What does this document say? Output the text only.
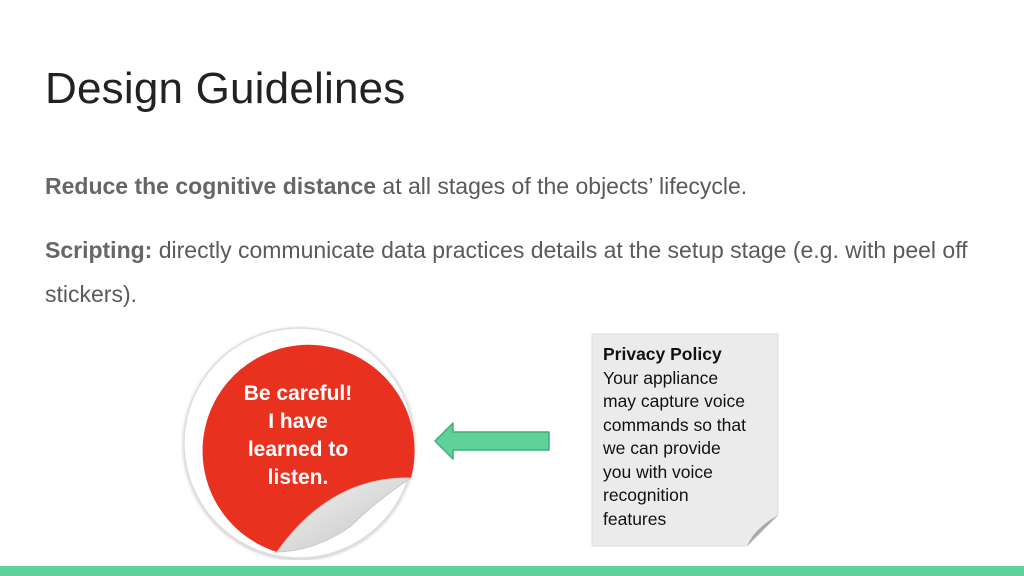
Design Guidelines

Reduce the cognitive distance at all stages of the objects’ lifecycle.

Scripting: directly communicate data practices details at the setup stage (e.g. with peel off stickers).

Be careful!
I have
learned to
listen.
Privacy Policy
Your appliance
may capture voice
commands so that
we can provide
you with voice
recognition
features
